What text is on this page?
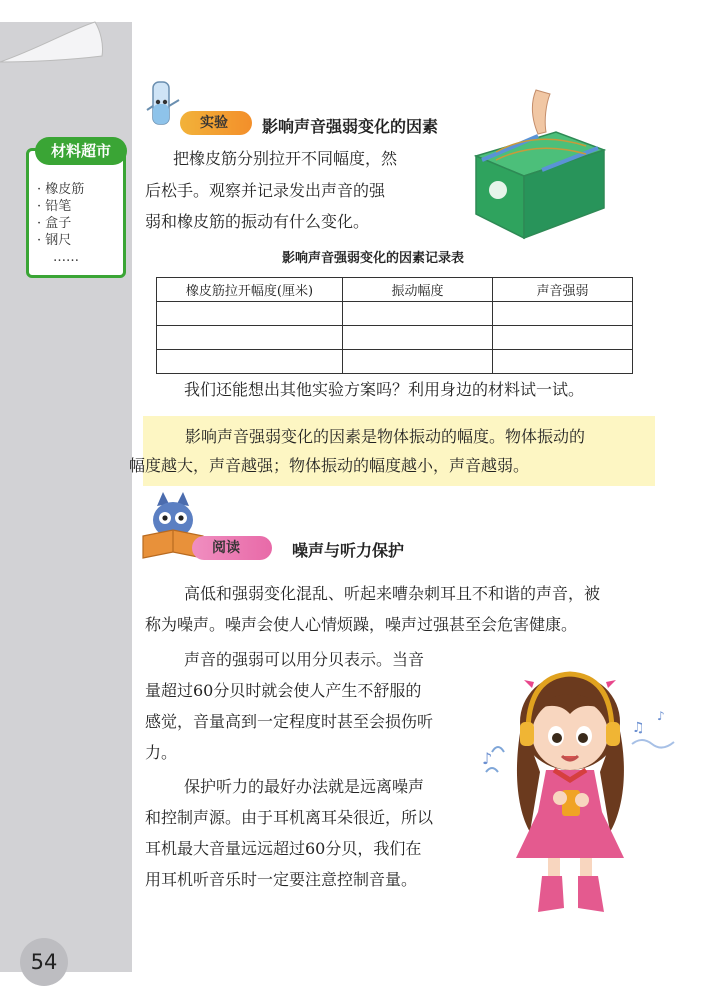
材料超市
· 橡皮筋
· 铅笔
· 盒子
· 钢尺
……
实验	影响声音强弱变化的因素
把橡皮筋分别拉开不同幅度，然
后松手。观察并记录发出声音的强
弱和橡皮筋的振动有什么变化。
影响声音强弱变化的因素记录表
橡皮筋拉开幅度(厘米)	振动幅度	声音强弱

我们还能想出其他实验方案吗？利用身边的材料试一试。

影响声音强弱变化的因素是物体振动的幅度。物体振动的
幅度越大，声音越强；物体振动的幅度越小，声音越弱。

阅读	噪声与听力保护
高低和强弱变化混乱、听起来嘈杂刺耳且不和谐的声音，被
称为噪声。噪声会使人心情烦躁，噪声过强甚至会危害健康。
声音的强弱可以用分贝表示。当音
量超过60分贝时就会使人产生不舒服的
感觉，音量高到一定程度时甚至会损伤听
力。
保护听力的最好办法就是远离噪声
和控制声源。由于耳机离耳朵很近，所以
耳机最大音量远远超过60分贝，我们在
用耳机听音乐时一定要注意控制音量。
♪
♫
♪
54
